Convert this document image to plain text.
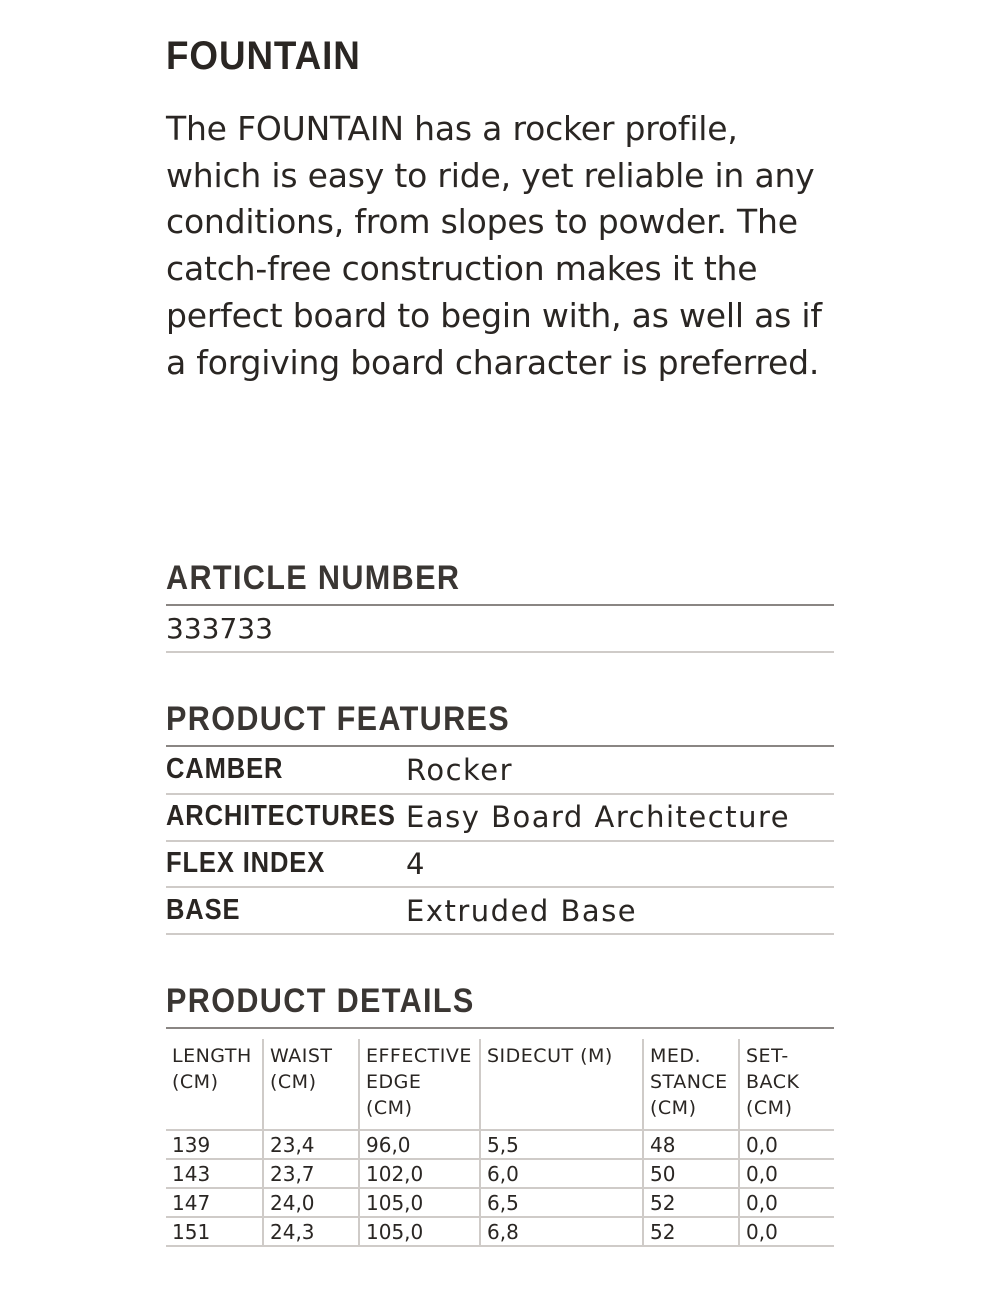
FOUNTAIN

The FOUNTAIN has a rocker profile, which is easy to ride, yet reliable in any conditions, from slopes to powder. The catch-free construction makes it the perfect board to begin with, as well as if a forgiving board character is preferred.

ARTICLE NUMBER
333733
PRODUCT FEATURES
CAMBER	Rocker
ARCHITECTURES Easy Board Architecture
FLEX INDEX	4
BASE	Extruded Base
PRODUCT DETAILS
LENGTH (CM)	WAIST (CM)	EFFECTIVE EDGE (CM)	SIDECUT (M)	MED. STANCE (CM)	SET-BACK (CM)
139	23,4	96,0	5,5	48	0,0
143	23,7	102,0	6,0	50	0,0
147	24,0	105,0	6,5	52	0,0
151	24,3	105,0	6,8	52	0,0
